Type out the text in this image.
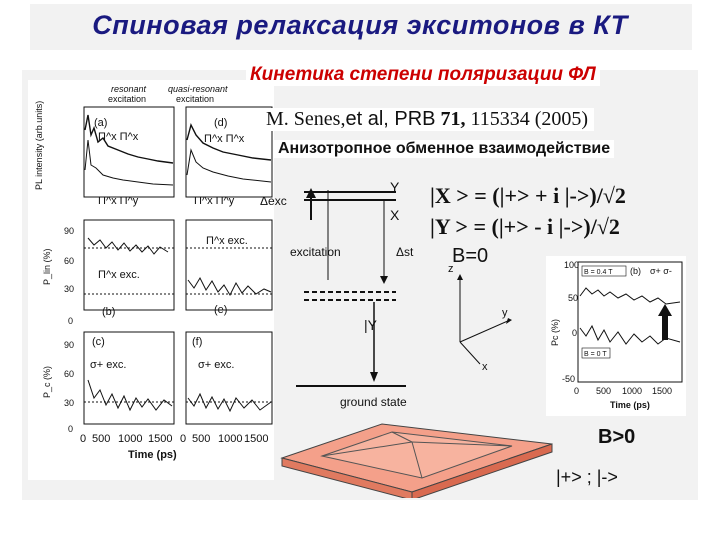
Спиновая релаксация экситонов в КТ
resonant
excitation
quasi-resonant
excitation
(a)	(d)
(b)	(e)
(c)	(f)
Π^x Π^x
Π^x Π^y
Π^x exc.
Π^x exc.
σ+ exc.	σ+ exc.
Π^x Π^x
Π^x Π^y
90
60
30
0
90
60
30
0
PL intensity (arb.units)
P_lin (%)
P_c (%)
0 500 1000 1500 0 500 1000 1500
Time (ps)
Кинетика степени поляризации ФЛ
M. Senes,et al, PRB 71, 115334 (2005)
Анизотропное обменное взаимодействие
Δexc
Y
X
Δst
excitation
|Y
ground state
|X > = (|+> + i |->)/√2
|Y > = (|+> - i |->)/√2
B=0
z
y
x
Pc (%)
100
50
0
-50
B = 0.4 T (b) σ+ σ-
B = 0 T
0 500 1000 1500
Time (ps)
B>0
|+> ; |->
